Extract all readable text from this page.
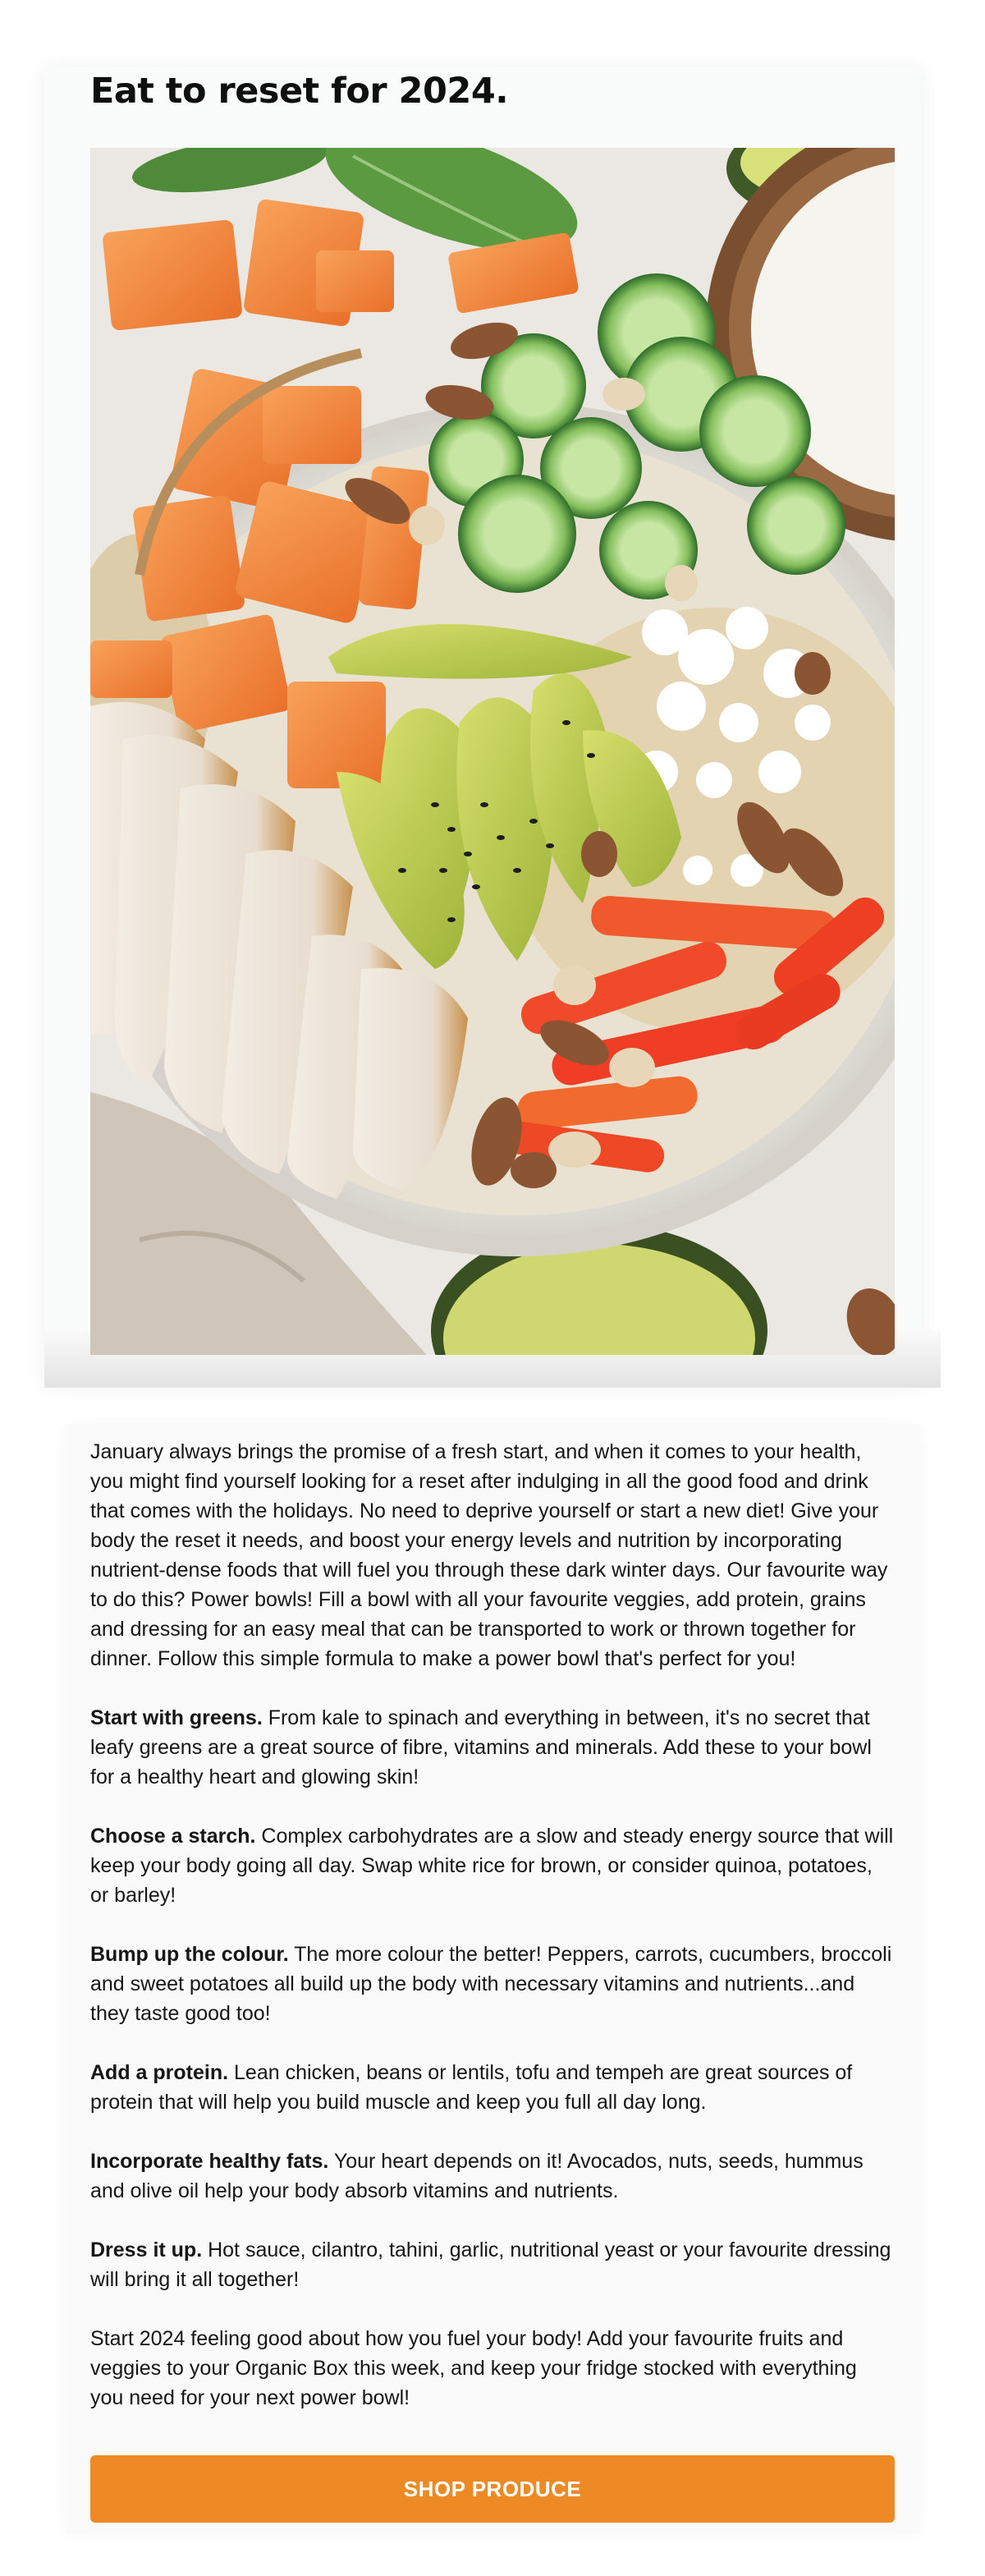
Eat to reset for 2024.

January always brings the promise of a fresh start, and when it comes to your health, you might find yourself looking for a reset after indulging in all the good food and drink that comes with the holidays. No need to deprive yourself or start a new diet! Give your body the reset it needs, and boost your energy levels and nutrition by incorporating nutrient-dense foods that will fuel you through these dark winter days. Our favourite way to do this? Power bowls! Fill a bowl with all your favourite veggies, add protein, grains and dressing for an easy meal that can be transported to work or thrown together for dinner. Follow this simple formula to make a power bowl that's perfect for you!

Start with greens. From kale to spinach and everything in between, it's no secret that leafy greens are a great source of fibre, vitamins and minerals. Add these to your bowl for a healthy heart and glowing skin!

Choose a starch. Complex carbohydrates are a slow and steady energy source that will keep your body going all day. Swap white rice for brown, or consider quinoa, potatoes, or barley!

Bump up the colour. The more colour the better! Peppers, carrots, cucumbers, broccoli and sweet potatoes all build up the body with necessary vitamins and nutrients...and they taste good too!

Add a protein. Lean chicken, beans or lentils, tofu and tempeh are great sources of protein that will help you build muscle and keep you full all day long.

Incorporate healthy fats. Your heart depends on it! Avocados, nuts, seeds, hummus and olive oil help your body absorb vitamins and nutrients.

Dress it up. Hot sauce, cilantro, tahini, garlic, nutritional yeast or your favourite dressing will bring it all together!

Start 2024 feeling good about how you fuel your body! Add your favourite fruits and veggies to your Organic Box this week, and keep your fridge stocked with everything you need for your next power bowl!

SHOP PRODUCE
